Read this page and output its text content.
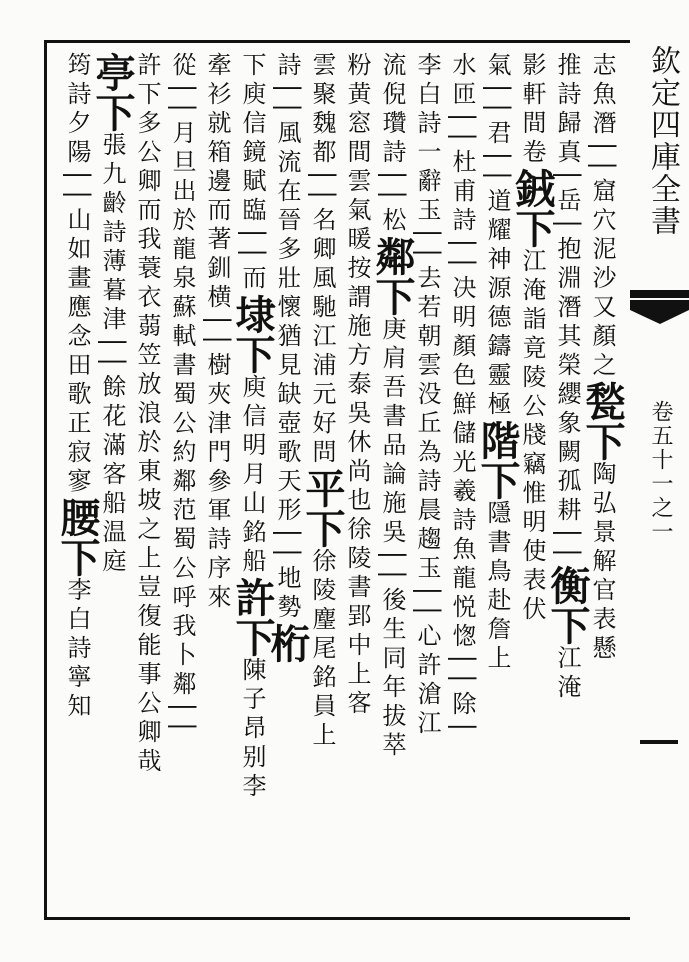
欽定四庫全書
卷五十一之一
志魚潛││窟穴泥沙又顏之甃下陶弘景解官表懸
推詩歸真│岳│抱淵潛其榮纓象闕孤耕││衡下江淹
影軒間卷銊下江淹詣竟陵公牋竊惟明使表伏
氣││君││道耀神源德鑄靈極階下隱書鳥赴詹上
水匝││杜甫詩││决明顏色鮮儲光羲詩魚龍悦愡││除│
李白詩一辭玉││去若朝雲没丘為詩晨趨玉││心許滄江
流倪瓚詩││松鄰下庚肩吾書品論施吳││後生同年拔萃
粉黄窓間雲氣暖按謂施方泰吳休尚也徐陵書郢中上客
雲聚魏都││名卿風馳江浦元好問平下徐陵麈尾銘員上
詩││風流在晉多壯懷猶見缺壺歌天形││地勢桁
下庾信鏡賦臨││而埭下庾信明月山銘船許下陳子昂别李
牽衫就箱邊而著釧横││樹夾津門參軍詩序來
從││月旦出於龍泉蘇軾書蜀公約鄰范蜀公呼我卜鄰││
許下多公卿而我蓑衣蒻笠放浪於東坡之上豈復能事公卿哉
亭下張九齡詩薄暮津││餘花滿客船温庭
筠詩夕陽││山如畫應念田歌正寂寥腰下李白詩寧知
